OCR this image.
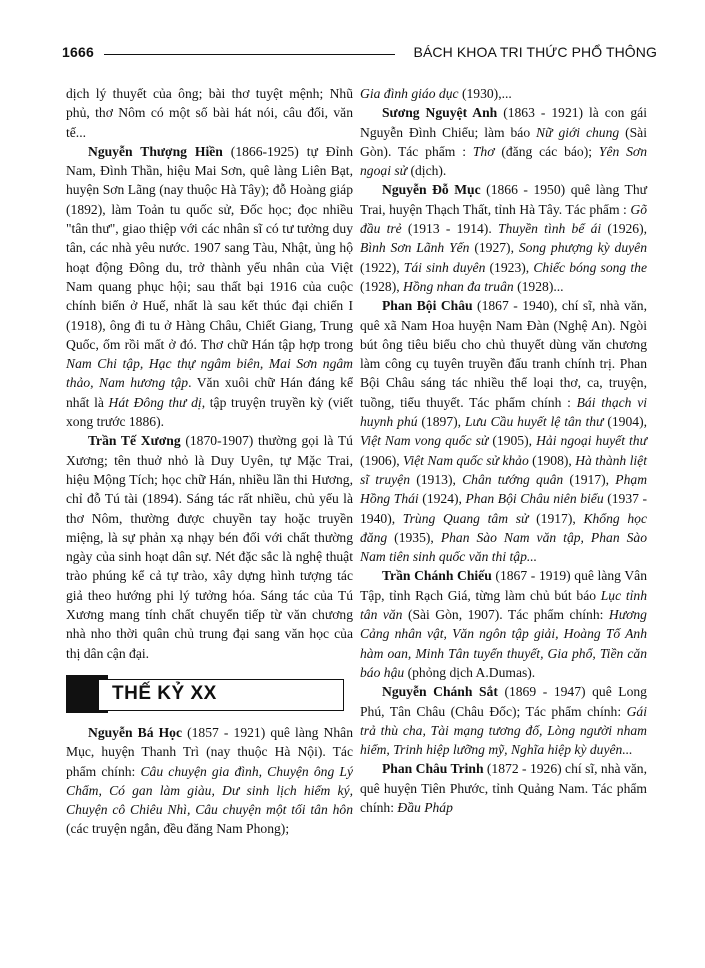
1666	BÁCH KHOA TRI THỨC PHỔ THÔNG

dịch lý thuyết của ông; bài thơ tuyệt mệnh; Nhũ phủ, thơ Nôm có một số bài hát nói, câu đối, văn tế...

Nguyễn Thượng Hiền (1866-1925) tự Đỉnh Nam, Đình Thần, hiệu Mai Sơn, quê làng Liên Bạt, huyện Sơn Lãng (nay thuộc Hà Tây); đỗ Hoàng giáp (1892), làm Toản tu quốc sử, Đốc học; đọc nhiều "tân thư", giao thiệp với các nhân sĩ có tư tưởng duy tân, các nhà yêu nước. 1907 sang Tàu, Nhật, ủng hộ hoạt động Đông du, trở thành yếu nhân của Việt Nam quang phục hội; sau thất bại 1916 của cuộc chính biến ở Huế, nhất là sau kết thúc đại chiến I (1918), ông đi tu ở Hàng Châu, Chiết Giang, Trung Quốc, ốm rồi mất ở đó. Thơ chữ Hán tập hợp trong Nam Chi tập, Hạc thự ngâm biên, Mai Sơn ngâm thảo, Nam hương tập. Văn xuôi chữ Hán đáng kể nhất là Hát Đông thư dị, tập truyện truyền kỳ (viết xong trước 1886).

Trần Tế Xương (1870-1907) thường gọi là Tú Xương; tên thuở nhỏ là Duy Uyên, tự Mặc Trai, hiệu Mộng Tích; học chữ Hán, nhiều lần thi Hương, chỉ đỗ Tú tài (1894). Sáng tác rất nhiều, chủ yếu là thơ Nôm, thường được chuyền tay hoặc truyền miệng, là sự phản xạ nhạy bén đối với chất thường ngày của sinh hoạt dân sự. Nét đặc sắc là nghệ thuật trào phúng kể cả tự trào, xây dựng hình tượng tác giả theo hướng phi lý tưởng hóa. Sáng tác của Tú Xương mang tính chất chuyển tiếp từ văn chương nhà nho thời quân chủ trung đại sang văn học của thị dân cận đại.

THẾ KỶ XX

Nguyễn Bá Học (1857 - 1921) quê làng Nhân Mục, huyện Thanh Trì (nay thuộc Hà Nội). Tác phẩm chính: Câu chuyện gia đình, Chuyện ông Lý Chẩm, Có gan làm giàu, Dư sinh lịch hiểm ký, Chuyện cô Chiêu Nhì, Câu chuyện một tối tân hôn (các truyện ngắn, đều đăng Nam Phong);

Gia đình giáo dục (1930),...

Sương Nguyệt Anh (1863 - 1921) là con gái Nguyễn Đình Chiểu; làm báo Nữ giới chung (Sài Gòn). Tác phẩm : Thơ (đăng các báo); Yên Sơn ngoại sử (dịch).

Nguyễn Đỗ Mục (1866 - 1950) quê làng Thư Trai, huyện Thạch Thất, tỉnh Hà Tây. Tác phẩm : Gõ đầu trẻ (1913 - 1914). Thuyền tình bể ái (1926), Bình Sơn Lãnh Yến (1927), Song phượng kỳ duyên (1922), Tái sinh duyên (1923), Chiếc bóng song the (1928), Hồng nhan đa truân (1928)...

Phan Bội Châu (1867 - 1940), chí sĩ, nhà văn, quê xã Nam Hoa huyện Nam Đàn (Nghệ An). Ngòi bút ông tiêu biểu cho chủ thuyết dùng văn chương làm công cụ tuyên truyền đấu tranh chính trị. Phan Bội Châu sáng tác nhiều thể loại thơ, ca, truyện, tuồng, tiểu thuyết. Tác phẩm chính : Bái thạch vi huynh phú (1897), Lưu Cầu huyết lệ tân thư (1904), Việt Nam vong quốc sử (1905), Hải ngoại huyết thư (1906), Việt Nam quốc sử khảo (1908), Hà thành liệt sĩ truyện (1913), Chân tướng quân (1917), Phạm Hồng Thái (1924), Phan Bội Châu niên biểu (1937 - 1940), Trùng Quang tâm sử (1917), Khổng học đăng (1935), Phan Sào Nam văn tập, Phan Sào Nam tiên sinh quốc văn thi tập...

Trần Chánh Chiếu (1867 - 1919) quê làng Vân Tập, tỉnh Rạch Giá, từng làm chủ bút báo Lục tỉnh tân văn (Sài Gòn, 1907). Tác phẩm chính: Hương Cảng nhân vật, Văn ngôn tập giải, Hoàng Tố Anh hàm oan, Minh Tân tuyển thuyết, Gia phổ, Tiền căn báo hậu (phỏng dịch A.Dumas).

Nguyễn Chánh Sắt (1869 - 1947) quê Long Phú, Tân Châu (Châu Đốc); Tác phẩm chính: Gái trả thù cha, Tài mạng tương đố, Lòng người nham hiểm, Trinh hiệp lưỡng mỹ, Nghĩa hiệp kỳ duyên...

Phan Châu Trinh (1872 - 1926) chí sĩ, nhà văn, quê huyện Tiên Phước, tỉnh Quảng Nam. Tác phẩm chính: Đầu Pháp
